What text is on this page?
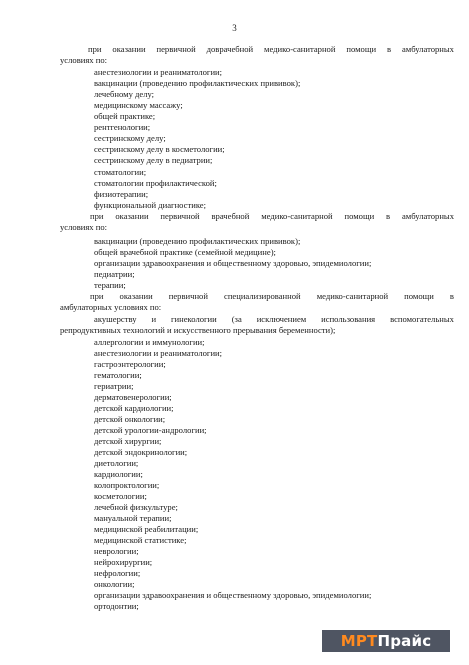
3
при оказании первичной доврачебной медико-санитарной помощи в амбулаторных
условиях по:
анестезиологии и реаниматологии;
вакцинации (проведению профилактических прививок);
лечебному делу;
медицинскому массажу;
общей практике;
рентгенологии;
сестринскому делу;
сестринскому делу в косметологии;
сестринскому делу в педиатрии;
стоматологии;
стоматологии профилактической;
физиотерапии;
функциональной диагностике;
при оказании первичной врачебной медико-санитарной помощи в амбулаторных
условиях по:
вакцинации (проведению профилактических прививок);
общей врачебной практике (семейной медицине);
организации здравоохранения и общественному здоровью, эпидемиологии;
педиатрии;
терапии;
при оказании первичной специализированной медико-санитарной помощи в
амбулаторных условиях по:
акушерству и гинекологии (за исключением использования вспомогательных
репродуктивных технологий и искусственного прерывания беременности);
аллергологии и иммунологии;
анестезиологии и реаниматологии;
гастроэнтерологии;
гематологии;
гериатрии;
дерматовенерологии;
детской кардиологии;
детской онкологии;
детской урологии-андрологии;
детской хирургии;
детской эндокринологии;
диетологии;
кардиологии;
колопроктологии;
косметологии;
лечебной физкультуре;
мануальной терапии;
медицинской реабилитации;
медицинской статистике;
неврологии;
нейрохирургии;
нефрологии;
онкологии;
организации здравоохранения и общественному здоровью, эпидемиологии;
ортодонтии;
МРТ Прайс
